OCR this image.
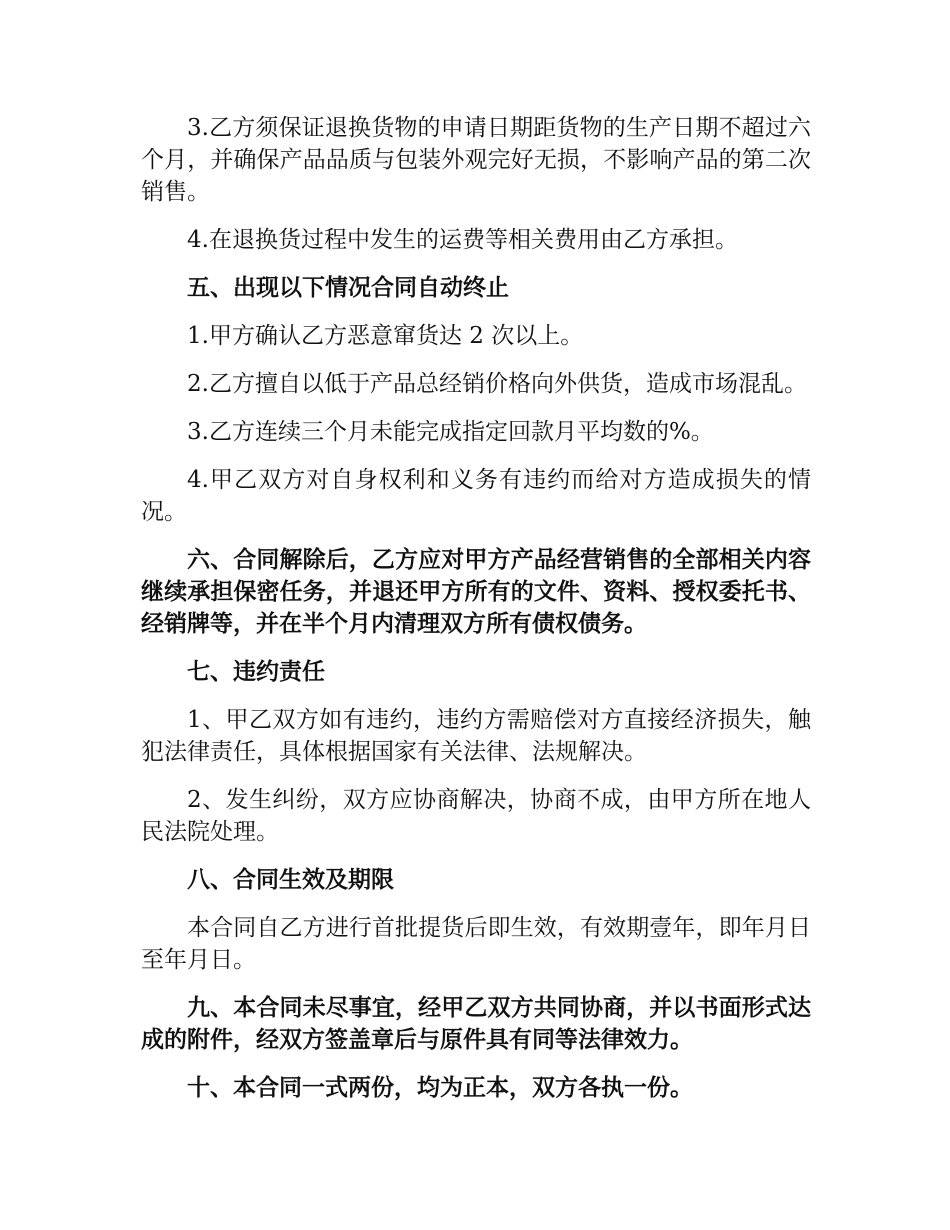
3.乙方须保证退换货物的申请日期距货物的生产日期不超过六个月，并确保产品品质与包装外观完好无损，不影响产品的第二次销售。

4.在退换货过程中发生的运费等相关费用由乙方承担。

五、出现以下情况合同自动终止

1.甲方确认乙方恶意窜货达 2 次以上。

2.乙方擅自以低于产品总经销价格向外供货，造成市场混乱。

3.乙方连续三个月未能完成指定回款月平均数的%。

4.甲乙双方对自身权利和义务有违约而给对方造成损失的情况。

六、合同解除后，乙方应对甲方产品经营销售的全部相关内容继续承担保密任务，并退还甲方所有的文件、资料、授权委托书、经销牌等，并在半个月内清理双方所有债权债务。

七、违约责任

1、甲乙双方如有违约，违约方需赔偿对方直接经济损失，触犯法律责任，具体根据国家有关法律、法规解决。

2、发生纠纷，双方应协商解决，协商不成，由甲方所在地人民法院处理。

八、合同生效及期限

本合同自乙方进行首批提货后即生效，有效期壹年，即年月日至年月日。

九、本合同未尽事宜，经甲乙双方共同协商，并以书面形式达成的附件，经双方签盖章后与原件具有同等法律效力。

十、本合同一式两份，均为正本，双方各执一份。
